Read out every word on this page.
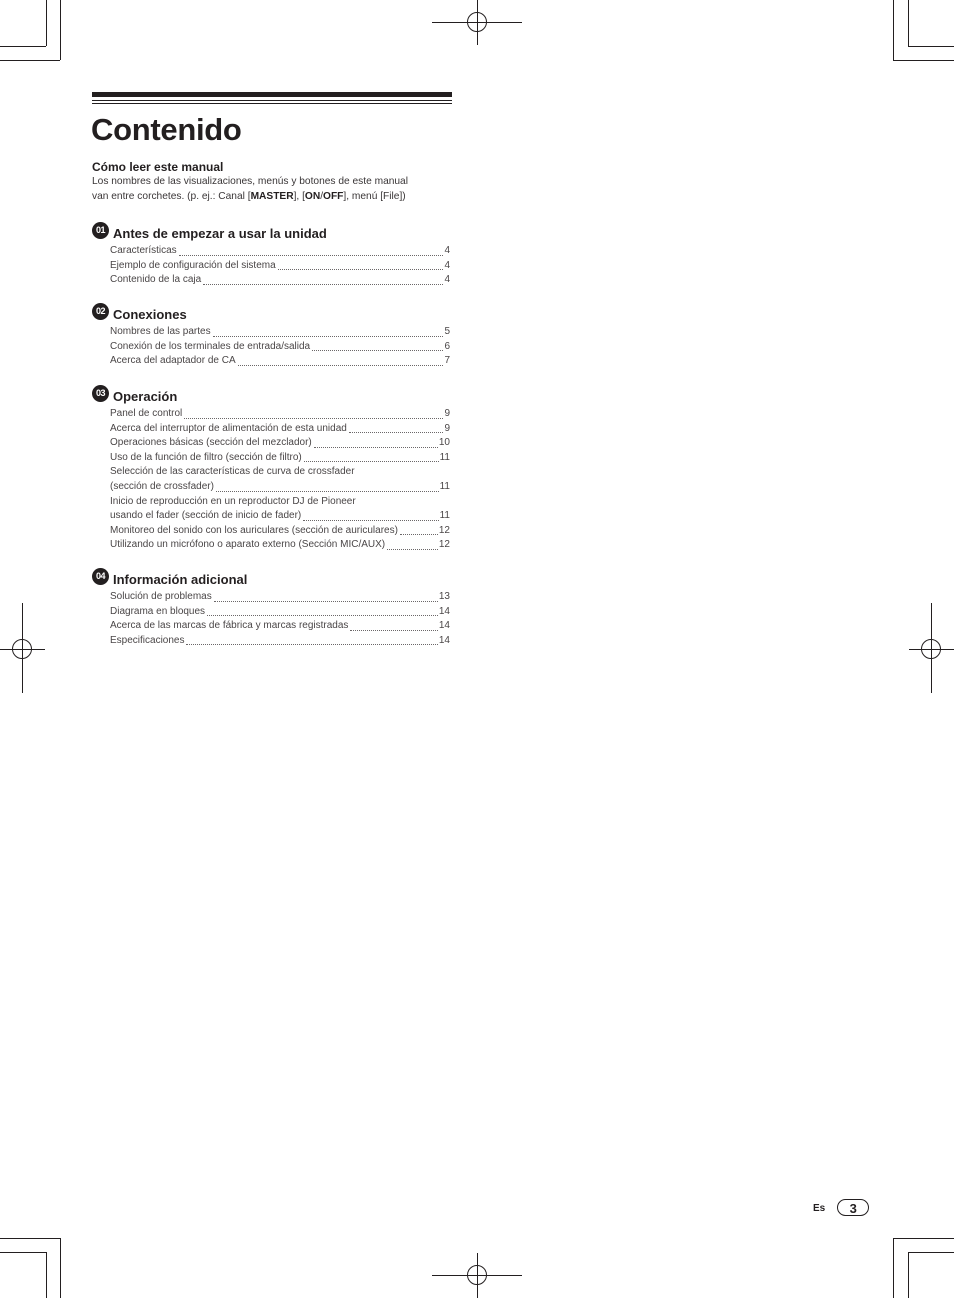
Contenido
Cómo leer este manual
Los nombres de las visualizaciones, menús y botones de este manual
van entre corchetes. (p. ej.: Canal [MASTER], [ON/OFF], menú [File])
01 Antes de empezar a usar la unidad
Características	4
Ejemplo de configuración del sistema	4
Contenido de la caja	4
02 Conexiones
Nombres de las partes	5
Conexión de los terminales de entrada/salida	6
Acerca del adaptador de CA	7
03 Operación
Panel de control	9
Acerca del interruptor de alimentación de esta unidad	9
Operaciones básicas (sección del mezclador)	10
Uso de la función de filtro (sección de filtro)	11
Selección de las características de curva de crossfader
(sección de crossfader)	11
Inicio de reproducción en un reproductor DJ de Pioneer
usando el fader (sección de inicio de fader)	11
Monitoreo del sonido con los auriculares (sección de auriculares)	12
Utilizando un micrófono o aparato externo (Sección MIC/AUX)	12
04 Información adicional
Solución de problemas	13
Diagrama en bloques	14
Acerca de las marcas de fábrica y marcas registradas	14
Especificaciones	14
Es	3
